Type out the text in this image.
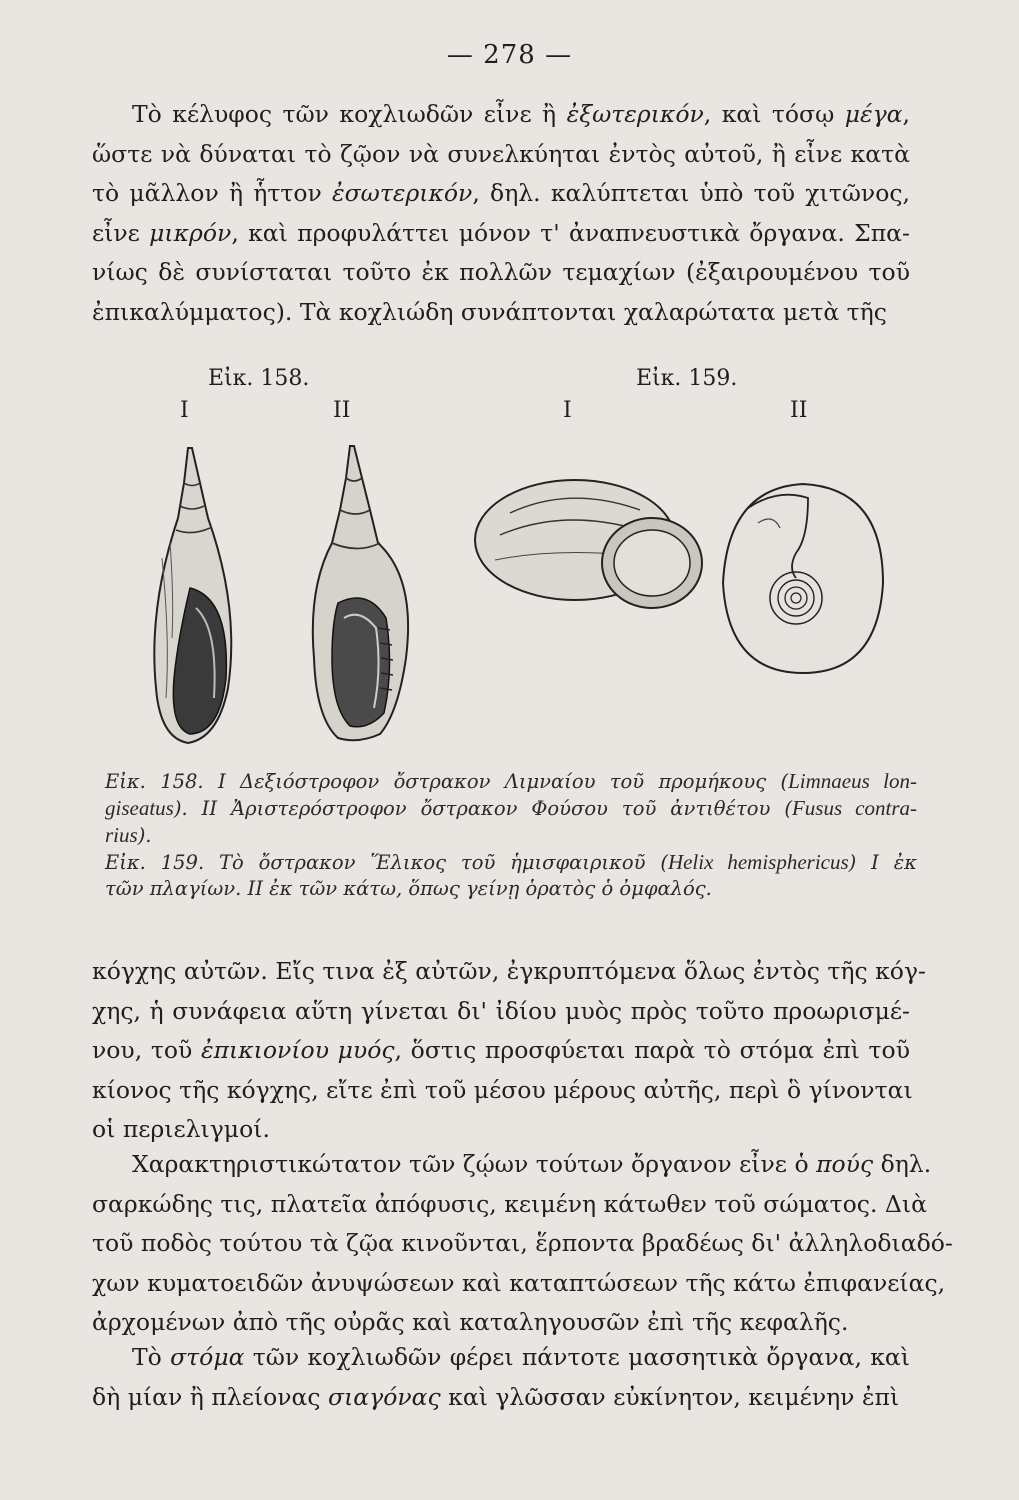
— 278 —
Τὸ κέλυφος τῶν κοχλιωδῶν εἶνε ἢ ἐξωτερικόν, καὶ τόσῳ μέγα,
ὥστε νὰ δύναται τὸ ζῷον νὰ συνελκύηται ἐντὸς αὐτοῦ, ἢ εἶνε κατὰ
τὸ μᾶλλον ἢ ἧττον ἐσωτερικόν, δηλ. καλύπτεται ὑπὸ τοῦ χιτῶνος,
εἶνε μικρόν, καὶ προφυλάττει μόνον τ' ἀναπνευστικὰ ὄργανα. Σπα-
νίως δὲ συνίσταται τοῦτο ἐκ πολλῶν τεμαχίων (ἐξαιρουμένου τοῦ
ἐπικαλύμματος). Τὰ κοχλιώδη συνάπτονται χαλαρώτατα μετὰ τῆς
Εἰκ. 158.	Εἰκ. 159.
I	II	I	II
Εἰκ. 158. I Δεξιόστροφον ὄστρακον Λιμναίου τοῦ προμήκους (Limnaeus lon-
giseatus). II Ἀριστερόστροφον ὄστρακον Φούσου τοῦ ἀντιθέτου (Fusus contra-
rius).
Εἰκ. 159. Τὸ ὄστρακον Ἕλικος τοῦ ἡμισφαιρικοῦ (Helix hemisphericus) I ἐκ
τῶν πλαγίων. II ἐκ τῶν κάτω, ὅπως γείνῃ ὁρατὸς ὁ ὀμφαλός.
κόγχης αὐτῶν. Εἴς τινα ἐξ αὐτῶν, ἐγκρυπτόμενα ὅλως ἐντὸς τῆς κόγ-
χης, ἡ συνάφεια αὕτη γίνεται δι' ἰδίου μυὸς πρὸς τοῦτο προωρισμέ-
νου, τοῦ ἐπικιονίου μυός, ὅστις προσφύεται παρὰ τὸ στόμα ἐπὶ τοῦ
κίονος τῆς κόγχης, εἴτε ἐπὶ τοῦ μέσου μέρους αὐτῆς, περὶ ὃ γίνονται
οἱ περιελιγμοί.
Χαρακτηριστικώτατον τῶν ζῴων τούτων ὄργανον εἶνε ὁ πούς δηλ.
σαρκώδης τις, πλατεῖα ἀπόφυσις, κειμένη κάτωθεν τοῦ σώματος. Διὰ
τοῦ ποδὸς τούτου τὰ ζῷα κινοῦνται, ἕρποντα βραδέως δι' ἀλληλοδιαδό-
χων κυματοειδῶν ἀνυψώσεων καὶ καταπτώσεων τῆς κάτω ἐπιφανείας,
ἀρχομένων ἀπὸ τῆς οὐρᾶς καὶ καταληγουσῶν ἐπὶ τῆς κεφαλῆς.
Τὸ στόμα τῶν κοχλιωδῶν φέρει πάντοτε μασσητικὰ ὄργανα, καὶ
δὴ μίαν ἢ πλείονας σιαγόνας καὶ γλῶσσαν εὐκίνητον, κειμένην ἐπὶ
